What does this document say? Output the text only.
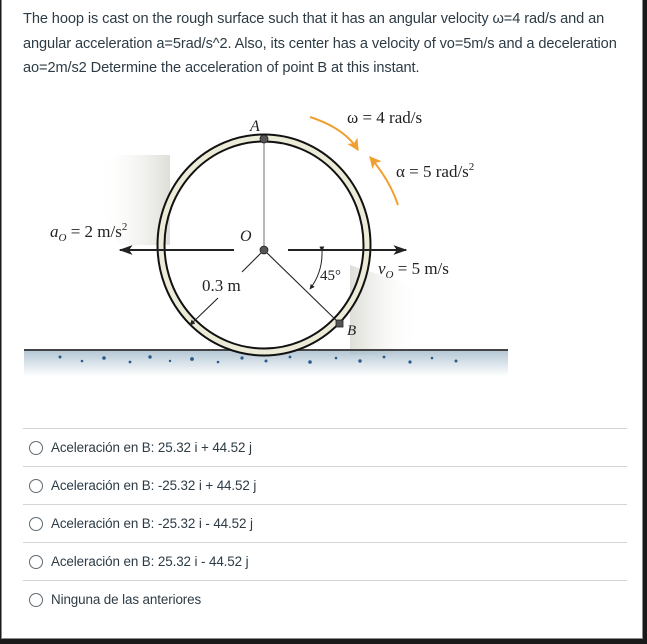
The hoop is cast on the rough surface such that it has an angular velocity ω=4 rad/s and an angular acceleration a=5rad/s^2. Also, its center has a velocity of vo=5m/s and a deceleration ao=2m/s2 Determine the acceleration of point B at this instant.
A
O
B
ω = 4 rad/s
α = 5 rad/$s^2$
$a_O = 2$ $m/s^2$
$v_O = 5$ m/s
0.3 m	45°
Aceleración en B: 25.32 i + 44.52 j
Aceleración en B: -25.32 i + 44.52 j
Aceleración en B: -25.32 i - 44.52 j
Aceleración en B: 25.32 i - 44.52 j
Ninguna de las anteriores
